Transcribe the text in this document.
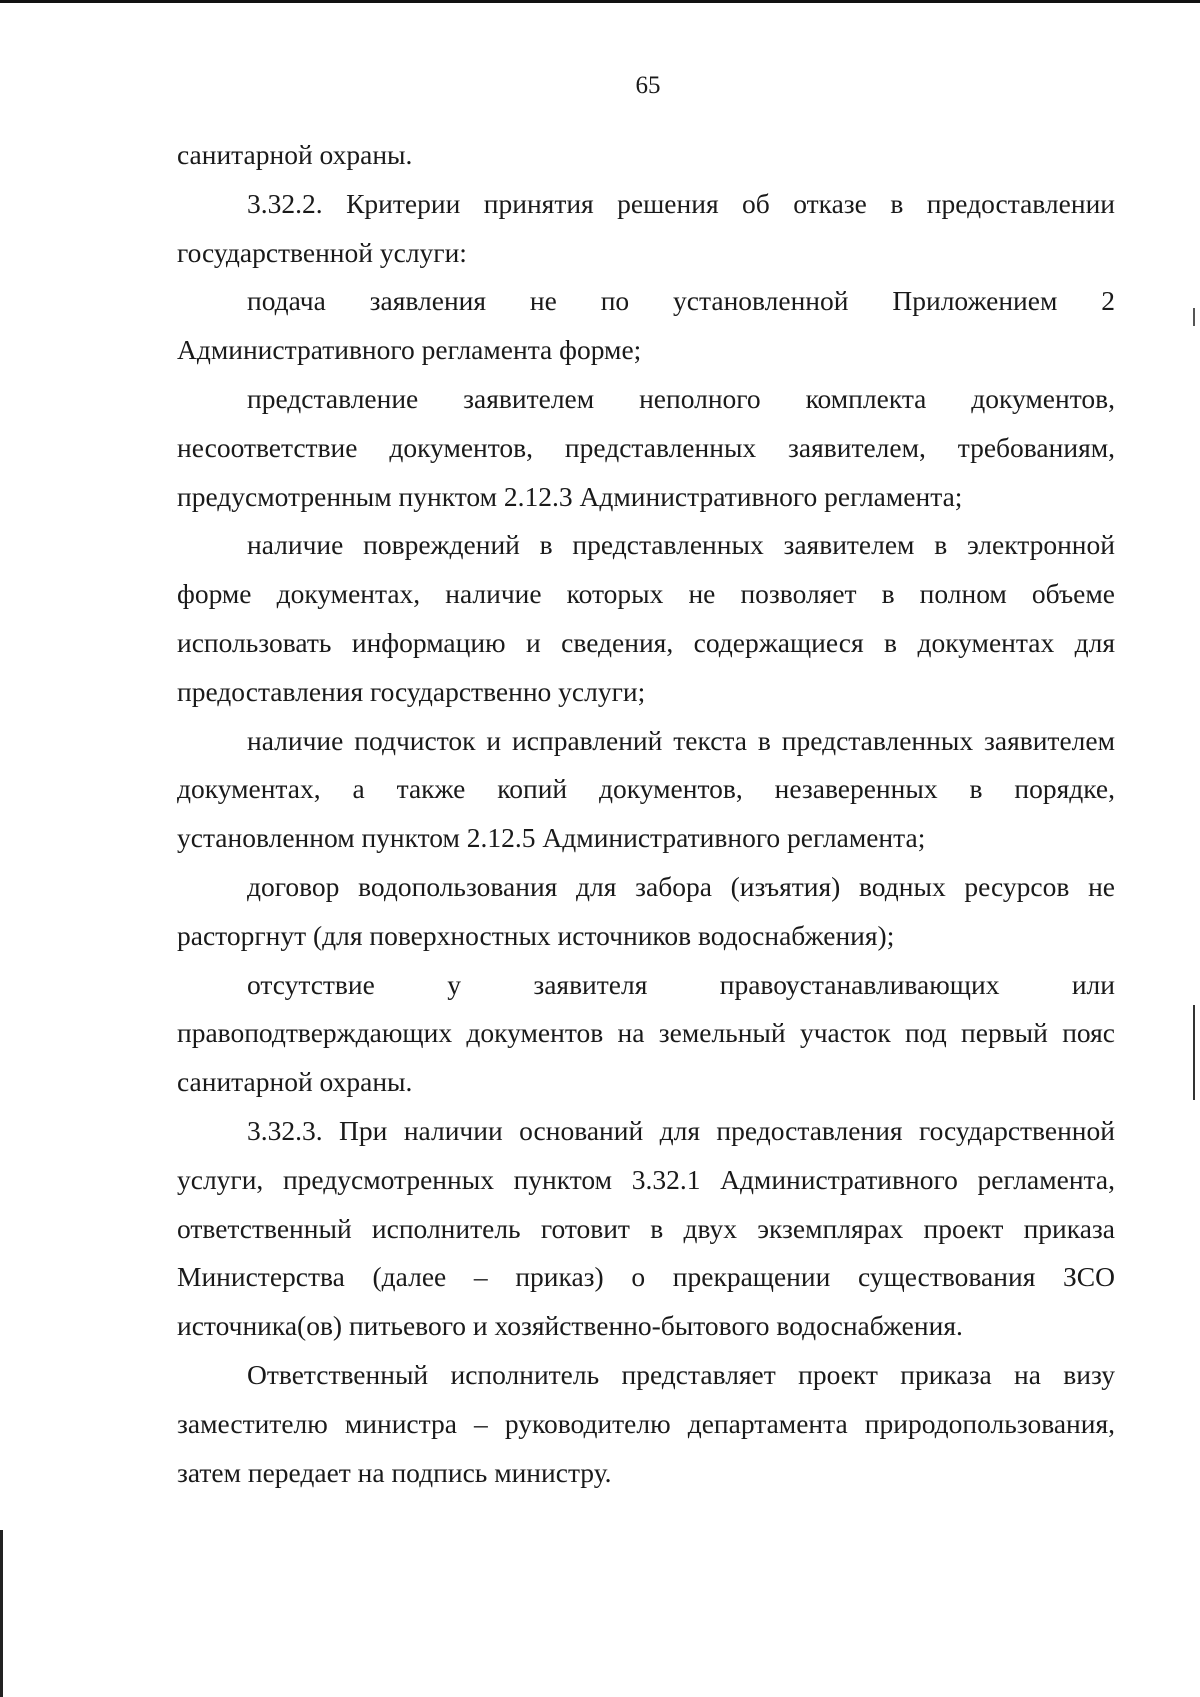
65

санитарной охраны.

3.32.2. Критерии принятия решения об отказе в предоставлении государственной услуги:

подача заявления не по установленной Приложением 2 Административного регламента форме;

представление заявителем неполного комплекта документов, несоответствие документов, представленных заявителем, требованиям, предусмотренным пунктом 2.12.3 Административного регламента;

наличие повреждений в представленных заявителем в электронной форме документах, наличие которых не позволяет в полном объеме использовать информацию и сведения, содержащиеся в документах для предоставления государственно услуги;

наличие подчисток и исправлений текста в представленных заявителем документах, а также копий документов, незаверенных в порядке, установленном пунктом 2.12.5 Административного регламента;

договор водопользования для забора (изъятия) водных ресурсов не расторгнут (для поверхностных источников водоснабжения);

отсутствие у заявителя правоустанавливающих или правоподтверждающих документов на земельный участок под первый пояс санитарной охраны.

3.32.3. При наличии оснований для предоставления государственной услуги, предусмотренных пунктом 3.32.1 Административного регламента, ответственный исполнитель готовит в двух экземплярах проект приказа Министерства (далее – приказ) о прекращении существования ЗСО источника(ов) питьевого и хозяйственно-бытового водоснабжения.

Ответственный исполнитель представляет проект приказа на визу заместителю министра – руководителю департамента природопользования, затем передает на подпись министру.
